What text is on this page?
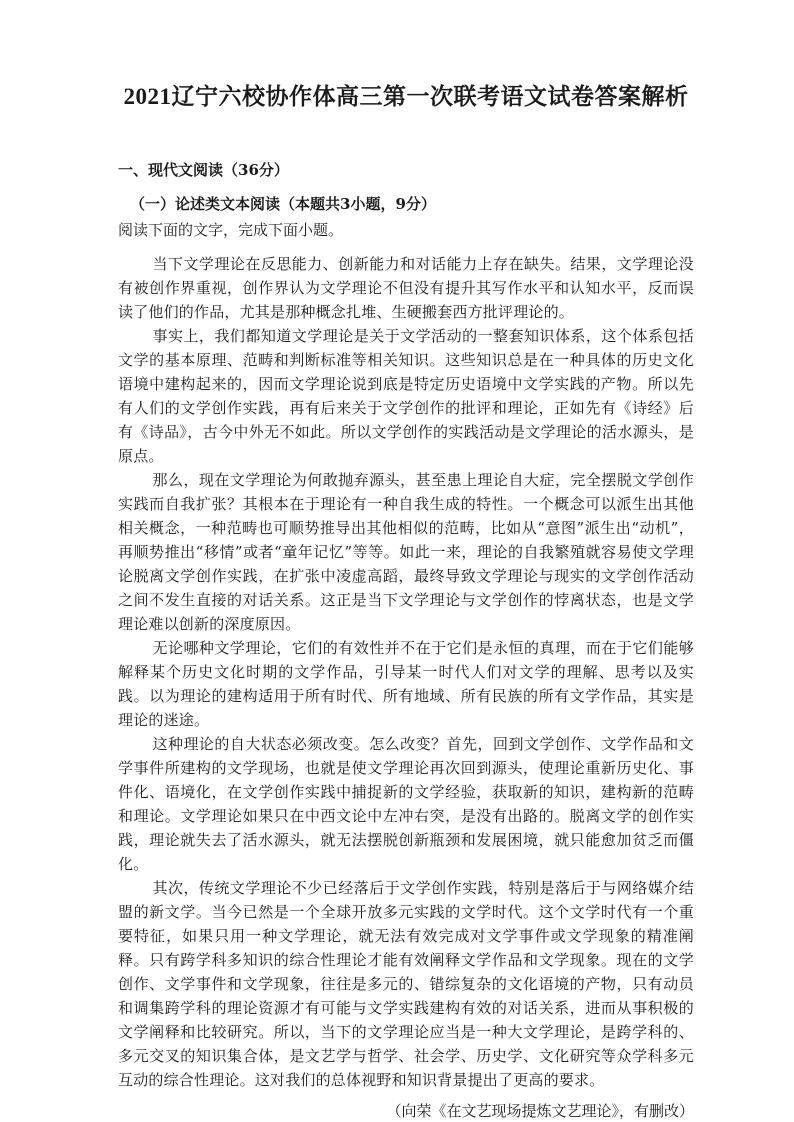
2021辽宁六校协作体高三第一次联考语文试卷答案解析
一、现代文阅读（36分）
（一）论述类文本阅读（本题共3小题，9分）
阅读下面的文字，完成下面小题。

当下文学理论在反思能力、创新能力和对话能力上存在缺失。结果，文学理论没有被创作界重视，创作界认为文学理论不但没有提升其写作水平和认知水平，反而误读了他们的作品，尤其是那种概念扎堆、生硬搬套西方批评理论的。

事实上，我们都知道文学理论是关于文学活动的一整套知识体系，这个体系包括文学的基本原理、范畴和判断标准等相关知识。这些知识总是在一种具体的历史文化语境中建构起来的，因而文学理论说到底是特定历史语境中文学实践的产物。所以先有人们的文学创作实践，再有后来关于文学创作的批评和理论，正如先有《诗经》后有《诗品》，古今中外无不如此。所以文学创作的实践活动是文学理论的活水源头，是原点。

那么，现在文学理论为何敢抛弃源头，甚至患上理论自大症，完全摆脱文学创作实践而自我扩张？其根本在于理论有一种自我生成的特性。一个概念可以派生出其他相关概念，一种范畴也可顺势推导出其他相似的范畴，比如从“意图”派生出“动机”，再顺势推出“移情”或者“童年记忆”等等。如此一来，理论的自我繁殖就容易使文学理论脱离文学创作实践，在扩张中凌虚高蹈，最终导致文学理论与现实的文学创作活动之间不发生直接的对话关系。这正是当下文学理论与文学创作的悖离状态，也是文学理论难以创新的深度原因。

无论哪种文学理论，它们的有效性并不在于它们是永恒的真理，而在于它们能够解释某个历史文化时期的文学作品，引导某一时代人们对文学的理解、思考以及实践。以为理论的建构适用于所有时代、所有地域、所有民族的所有文学作品，其实是理论的迷途。

这种理论的自大状态必须改变。怎么改变？首先，回到文学创作、文学作品和文学事件所建构的文学现场，也就是使文学理论再次回到源头，使理论重新历史化、事件化、语境化，在文学创作实践中捕捉新的文学经验，获取新的知识，建构新的范畴和理论。文学理论如果只在中西文论中左冲右突，是没有出路的。脱离文学的创作实践，理论就失去了活水源头，就无法摆脱创新瓶颈和发展困境，就只能愈加贫乏而僵化。

其次，传统文学理论不少已经落后于文学创作实践，特别是落后于与网络媒介结盟的新文学。当今已然是一个全球开放多元实践的文学时代。这个文学时代有一个重要特征，如果只用一种文学理论，就无法有效完成对文学事件或文学现象的精准阐释。只有跨学科多知识的综合性理论才能有效阐释文学作品和文学现象。现在的文学创作、文学事件和文学现象，往往是多元的、错综复杂的文化语境的产物，只有动员和调集跨学科的理论资源才有可能与文学实践建构有效的对话关系，进而从事积极的文学阐释和比较研究。所以，当下的文学理论应当是一种大文学理论，是跨学科的、多元交叉的知识集合体，是文艺学与哲学、社会学、历史学、文化研究等众学科多元互动的综合性理论。这对我们的总体视野和知识背景提出了更高的要求。

（向荣《在文艺现场提炼文艺理论》，有删改）
